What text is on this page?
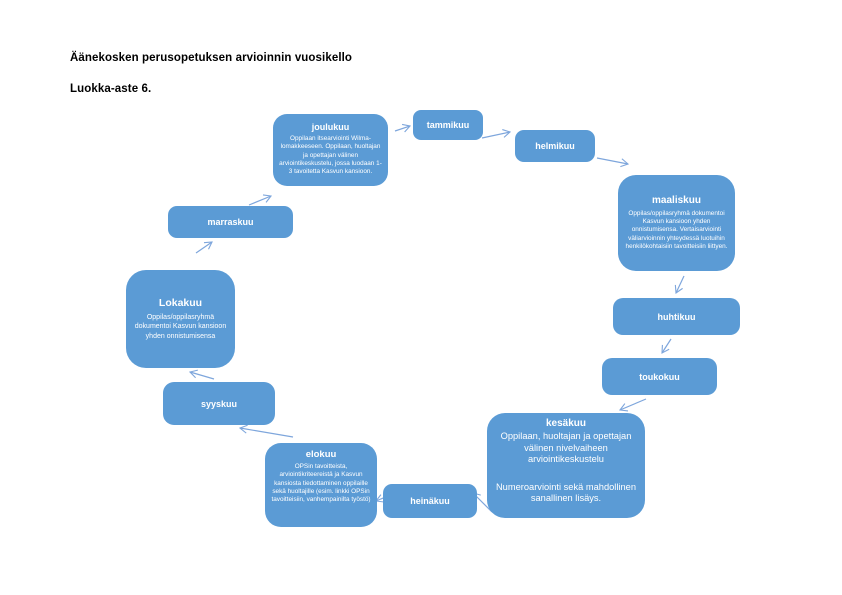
Äänekosken perusopetuksen arvioinnin vuosikello
Luokka-aste 6.
joulukuu
Oppilaan itsearviointi Wilma-lomakkeeseen. Oppilaan, huoltajan ja opettajan välinen arviointikeskustelu, jossa luodaan 1-3 tavoitetta Kasvun kansioon.
tammikuu
helmikuu
maaliskuu
Oppilas/oppilasryhmä dokumentoi Kasvun kansioon yhden onnistumisensa. Vertaisarviointi väliarvioinnin yhteydessä luotuihin henkilökohtaisiin tavoitteisiin liittyen.
huhtikuu
toukokuu
kesäkuu
Oppilaan, huoltajan ja opettajan välinen nivelvaiheen arviointikeskustelu
Numeroarviointi sekä mahdollinen sanallinen lisäys.
heinäkuu
elokuu
OPSin tavoitteista, arviointikriteereistä ja Kasvun kansiosta tiedottaminen oppilaille sekä huoltajille (esim. linkki OPSin tavoitteisiin, vanhempainilta työstö)
syyskuu
Lokakuu
Oppilas/oppilasryhmä dokumentoi Kasvun kansioon yhden onnistumisensa
marraskuu
